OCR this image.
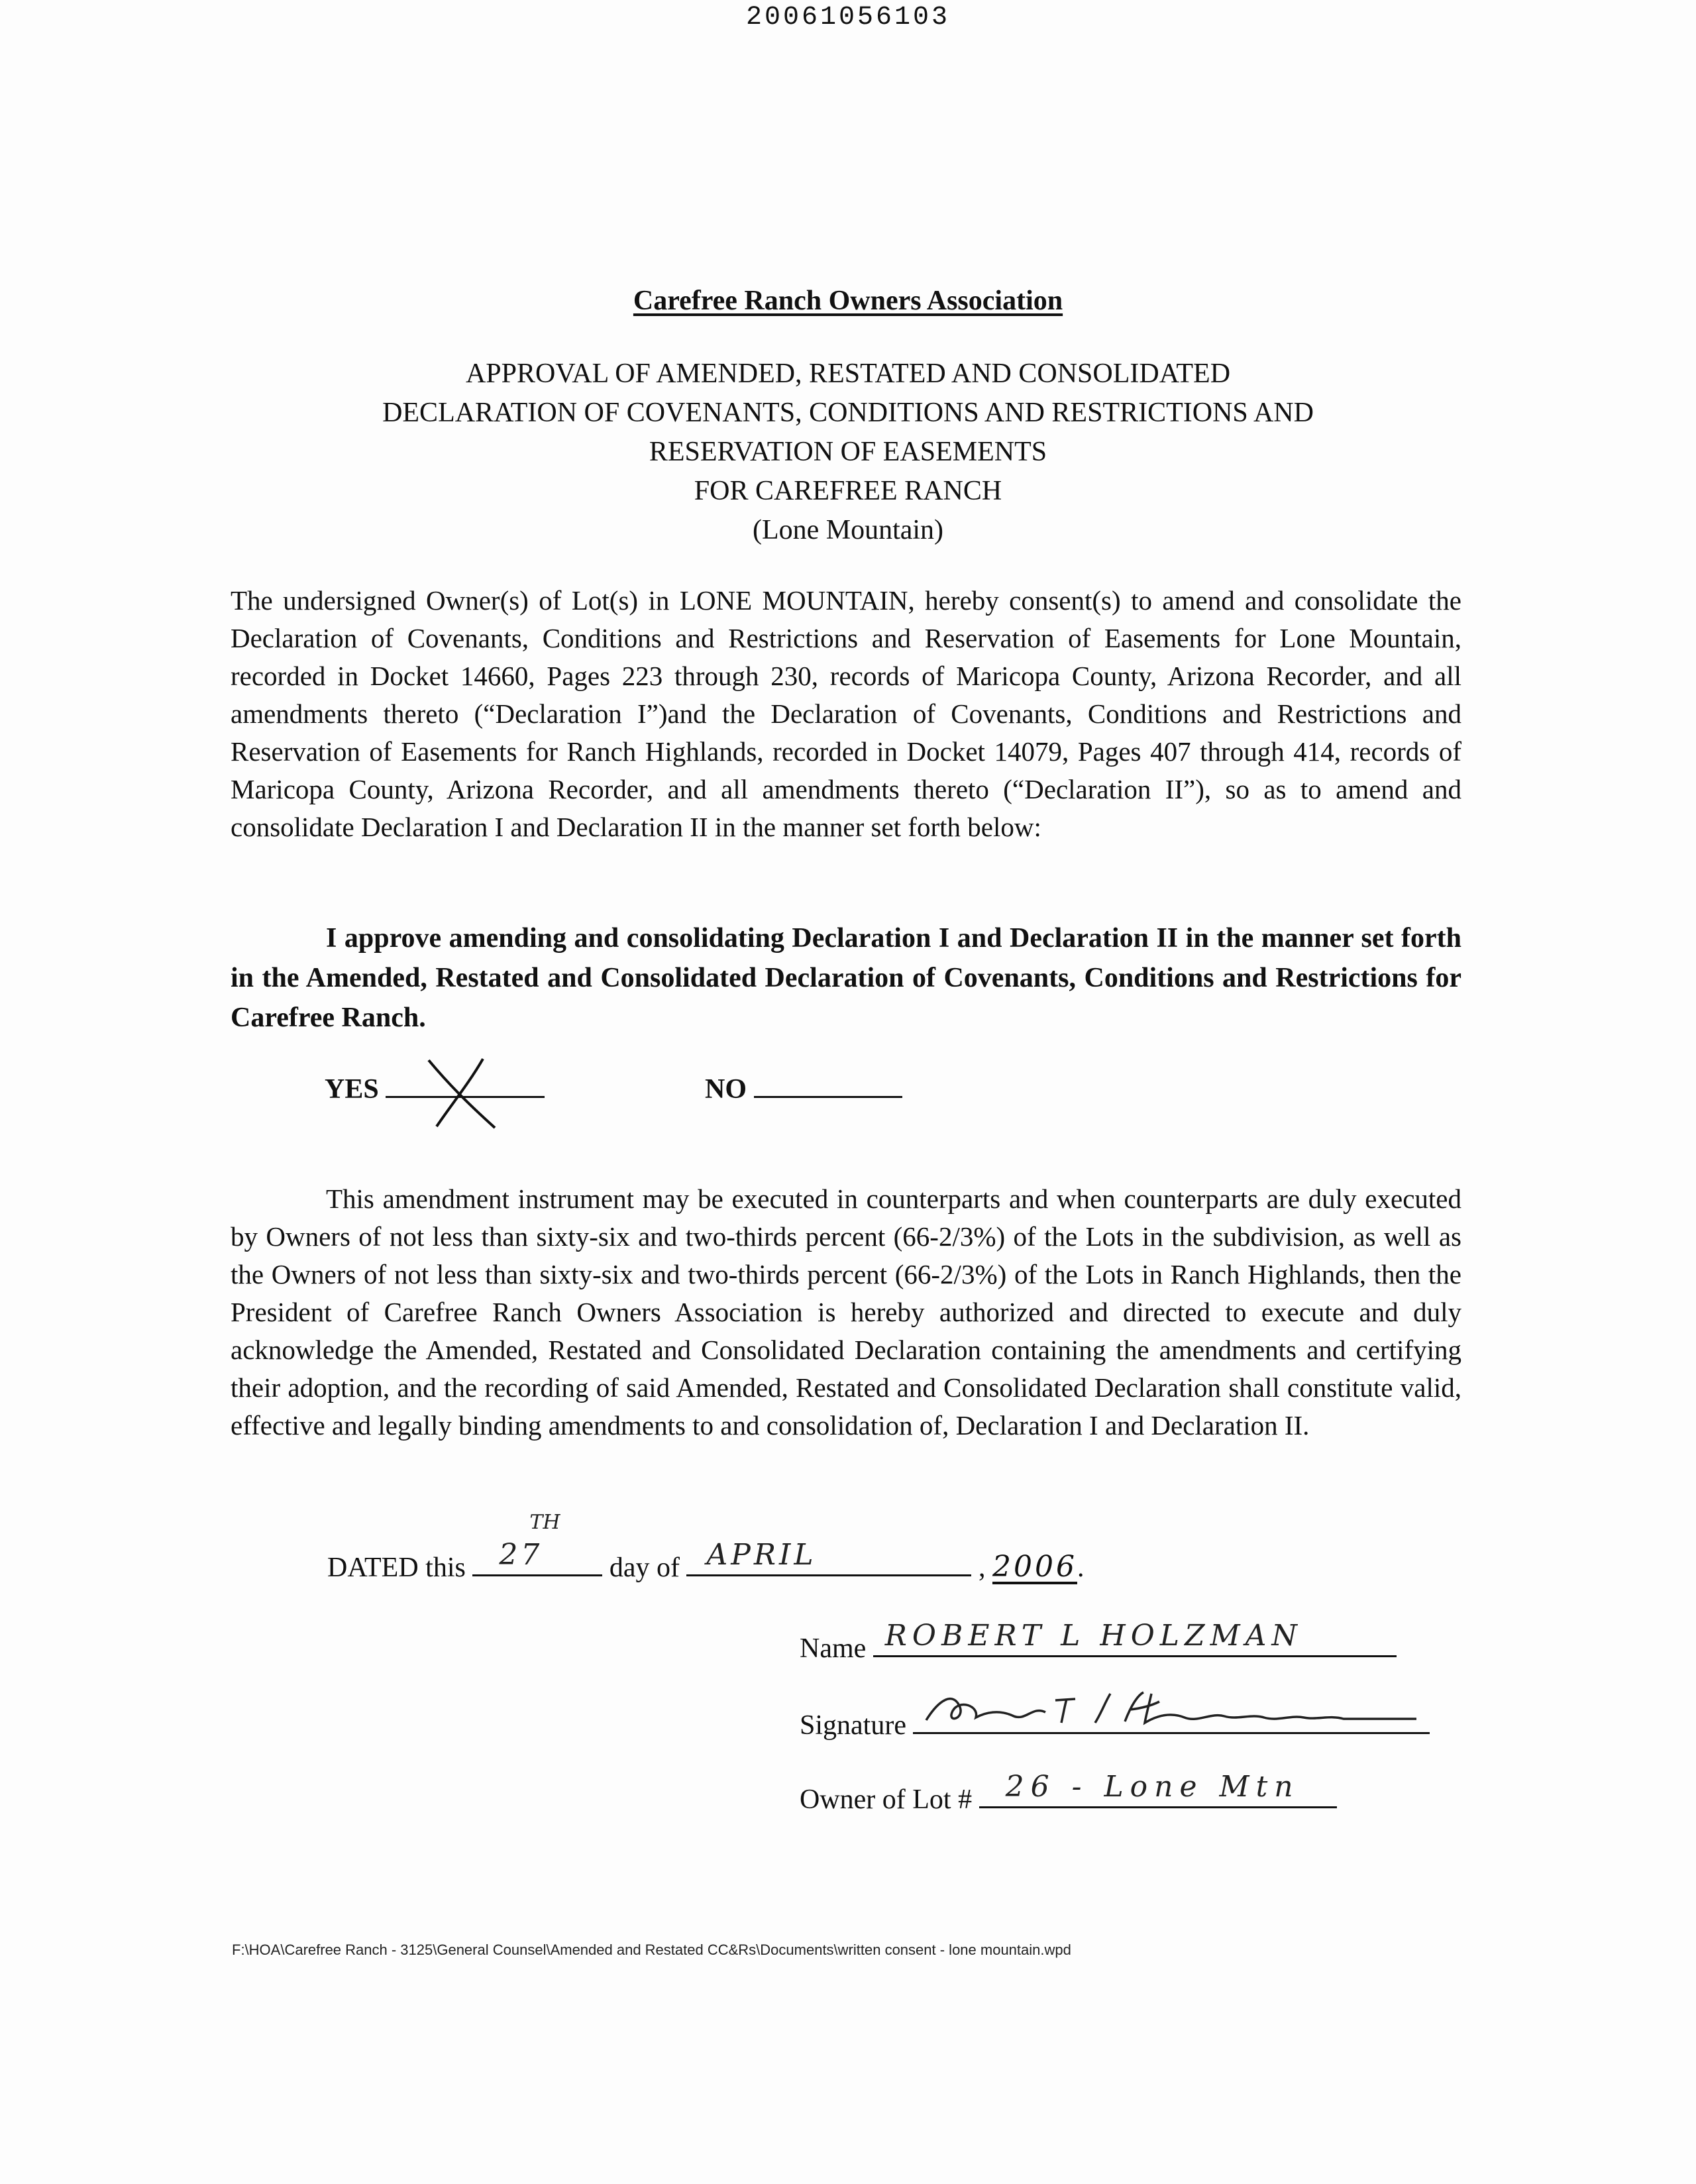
20061056103
Carefree Ranch Owners Association
APPROVAL OF AMENDED, RESTATED AND CONSOLIDATED
DECLARATION OF COVENANTS, CONDITIONS AND RESTRICTIONS AND
RESERVATION OF EASEMENTS
FOR CAREFREE RANCH
(Lone Mountain)
The undersigned Owner(s) of Lot(s) in LONE MOUNTAIN, hereby consent(s) to amend and consolidate the Declaration of Covenants, Conditions and Restrictions and Reservation of Easements for Lone Mountain, recorded in Docket 14660, Pages 223 through 230, records of Maricopa County, Arizona Recorder, and all amendments thereto (“Declaration I”)and the Declaration of Covenants, Conditions and Restrictions and Reservation of Easements for Ranch Highlands, recorded in Docket 14079, Pages 407 through 414, records of Maricopa County, Arizona Recorder, and all amendments thereto (“Declaration II”), so as to amend and consolidate Declaration I and Declaration II in the manner set forth below:
I approve amending and consolidating Declaration I and Declaration II in the manner set forth in the Amended, Restated and Consolidated Declaration of Covenants, Conditions and Restrictions for Carefree Ranch.
YES	NO
This amendment instrument may be executed in counterparts and when counterparts are duly executed by Owners of not less than sixty-six and two-thirds percent (66-2/3%) of the Lots in the subdivision, as well as the Owners of not less than sixty-six and two-thirds percent (66-2/3%) of the Lots in Ranch Highlands, then the President of Carefree Ranch Owners Association is hereby authorized and directed to execute and duly acknowledge the Amended, Restated and Consolidated Declaration containing the amendments and certifying their adoption, and the recording of said Amended, Restated and Consolidated Declaration shall constitute valid, effective and legally binding amendments to and consolidation of, Declaration I and Declaration II.
DATED this 27
TH
day of APRIL	, 2006.
Name ROBERT L HOLZMAN
Signature
Owner of Lot # 26 - Lone Mtn
F:\HOA\Carefree Ranch - 3125\General Counsel\Amended and Restated CC&Rs\Documents\written consent - lone mountain.wpd
